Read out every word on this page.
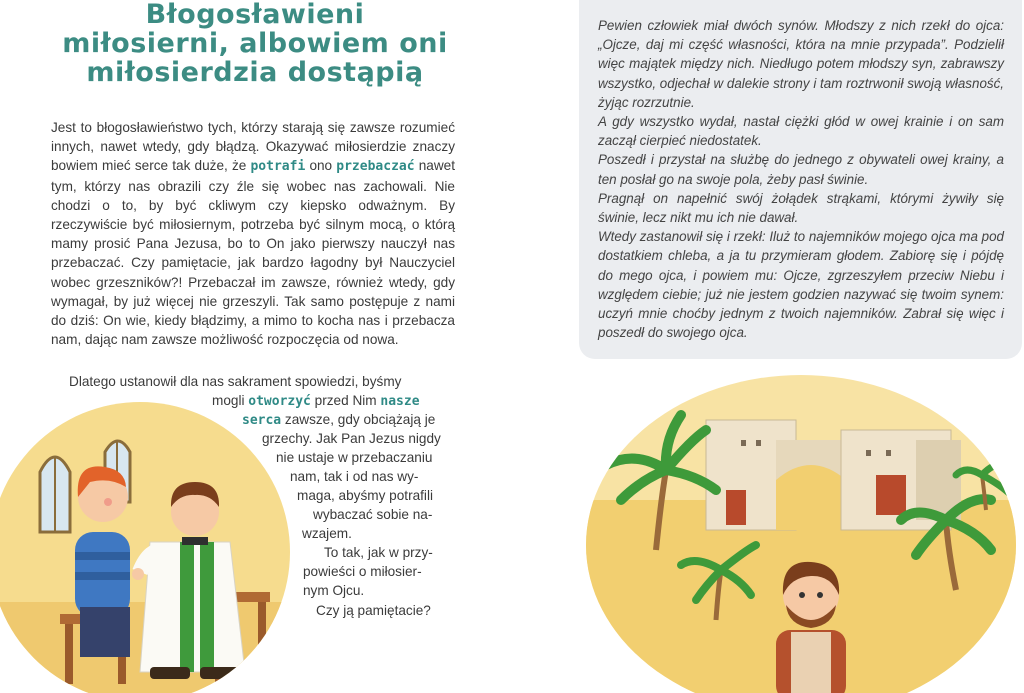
Błogosławieni
miłosierni, albowiem oni
miłosierdzia dostąpią

Jest to błogosławieństwo tych, którzy starają się zawsze rozumieć innych, nawet wtedy, gdy błądzą. Okazywać miłosierdzie znaczy bowiem mieć serce tak duże, że potrafi ono przebaczać nawet tym, którzy nas obrazili czy źle się wobec nas zachowali. Nie chodzi o to, by być ckliwym czy kiepsko odważnym. By rzeczywiście być miłosiernym, potrzeba być silnym mocą, o którą mamy prosić Pana Jezusa, bo to On jako pierwszy nauczył nas przebaczać. Czy pamiętacie, jak bardzo łagodny był Nauczyciel wobec grzeszników?! Przebaczał im zawsze, również wtedy, gdy wymagał, by już więcej nie grzeszyli. Tak samo postępuje z nami do dziś: On wie, kiedy błądzimy, a mimo to kocha nas i przebacza nam, dając nam zawsze możliwość rozpoczęcia od nowa.

Dlatego ustanowił dla nas sakrament spowiedzi, byśmy
mogli otworzyć przed Nim nasze
serca zawsze, gdy obciążają je
grzechy. Jak Pan Jezus nigdy
nie ustaje w przebaczaniu
nam, tak i od nas wy-
maga, abyśmy potrafili
wybaczać sobie na-
wzajem.
To tak, jak w przy-
powieści o miłosier-
nym Ojcu.
Czy ją pamiętacie?

Pewien człowiek miał dwóch synów. Młodszy z nich rzekł do ojca: „Ojcze, daj mi część własności, która na mnie przypada”. Podzielił więc majątek między nich. Niedługo potem młodszy syn, zabrawszy wszystko, odjechał w dalekie strony i tam roztrwonił swoją własność, żyjąc rozrzutnie.

A gdy wszystko wydał, nastał ciężki głód w owej krainie i on sam zaczął cierpieć niedostatek.

Poszedł i przystał na służbę do jednego z obywateli owej krainy, a ten posłał go na swoje pola, żeby pasł świnie.

Pragnął on napełnić swój żołądek strąkami, którymi żywiły się świnie, lecz nikt mu ich nie dawał.

Wtedy zastanowił się i rzekł: Iluż to najemników mojego ojca ma pod dostatkiem chleba, a ja tu przymieram głodem. Zabiorę się i pójdę do mego ojca, i powiem mu: Ojcze, zgrzeszyłem przeciw Niebu i względem ciebie; już nie jestem godzien nazywać się twoim synem: uczyń mnie choćby jednym z twoich najemników. Zabrał się więc i poszedł do swojego ojca.
